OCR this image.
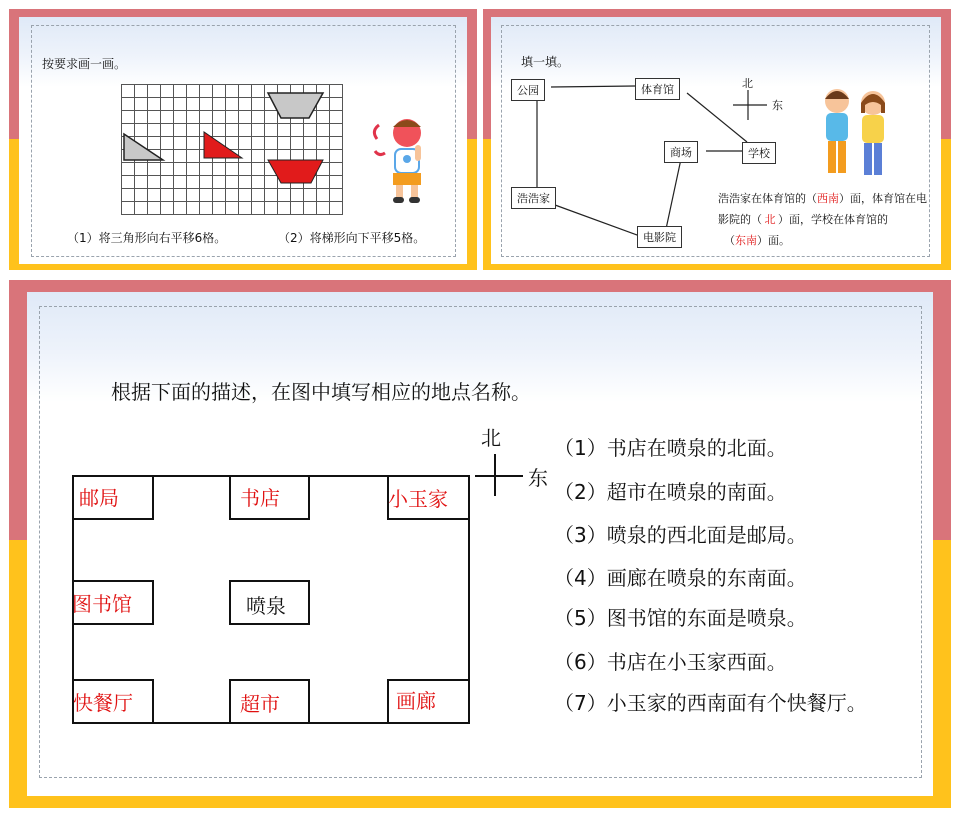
按要求画一画。
（1）将三角形向右平移6格。	（2）将梯形向下平移5格。
填一填。
公园	体育馆
商场	学校
浩浩家
电影院
北
东
浩浩家在体育馆的（西南）面，体育馆在电
影院的（ 北 ）面，学校在体育馆的
（东南）面。
根据下面的描述，在图中填写相应的地点名称。
邮局	书店	小玉家
图书馆	喷泉
快餐厅	超市	画廊
北
东
（1）书店在喷泉的北面。
（2）超市在喷泉的南面。
（3）喷泉的西北面是邮局。
（4）画廊在喷泉的东南面。
（5）图书馆的东面是喷泉。
（6）书店在小玉家西面。
（7）小玉家的西南面有个快餐厅。
